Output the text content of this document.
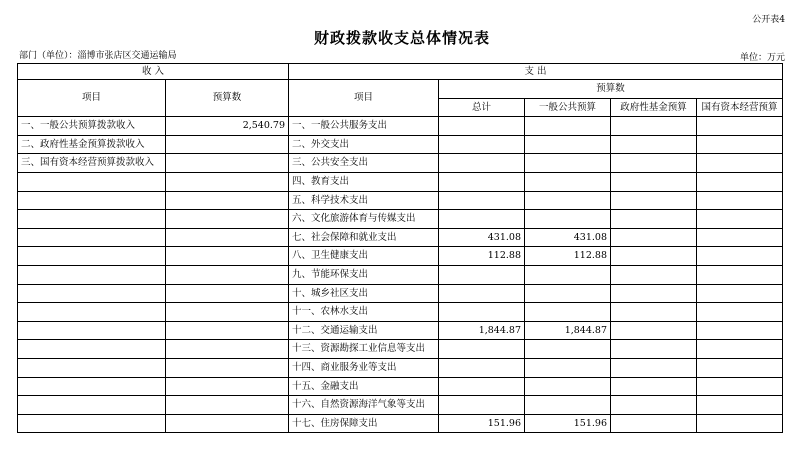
公开表4
财政拨款收支总体情况表
部门（单位）：淄博市张店区交通运输局	单位：万元
收 入		支 出				
项目	预算数	项目	预算数			
			总计	一般公共预算	政府性基金预算	国有资本经营预算
一、一般公共预算拨款收入	2,540.79	一、一般公共服务支出				
二、政府性基金预算拨款收入		二、外交支出				
三、国有资本经营预算拨款收入		三、公共安全支出				
		四、教育支出				
		五、科学技术支出				
		六、文化旅游体育与传媒支出				
		七、社会保障和就业支出	431.08	431.08		
		八、卫生健康支出	112.88	112.88		
		九、节能环保支出				
		十、城乡社区支出				
		十一、农林水支出				
		十二、交通运输支出	1,844.87	1,844.87		
		十三、资源勘探工业信息等支出				
		十四、商业服务业等支出				
		十五、金融支出				
		十六、自然资源海洋气象等支出				
		十七、住房保障支出	151.96	151.96		
